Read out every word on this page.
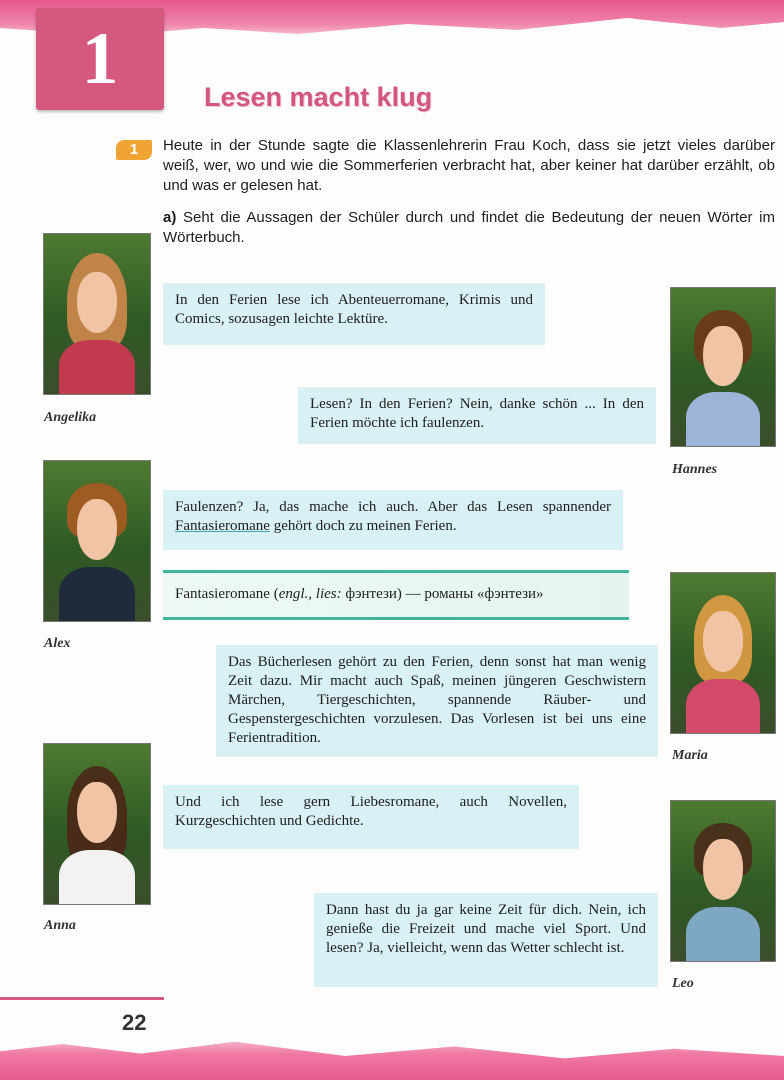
1	Lesen macht klug
1	Heute in der Stunde sagte die Klassenlehrerin Frau Koch, dass sie jetzt vieles darüber weiß, wer, wo und wie die Sommerferien verbracht hat, aber keiner hat darüber erzählt, ob und was er gelesen hat.

a) Seht die Aussagen der Schüler durch und findet die Bedeutung der neuen Wörter im Wörterbuch.

Angelika

In den Ferien lese ich Abenteuerromane, Krimis und Comics, sozusagen leichte Lektüre.

Hannes

Lesen? In den Ferien? Nein, danke schön ... In den Ferien möchte ich faulenzen.

Alex

Faulenzen? Ja, das mache ich auch. Aber das Lesen spannender Fantasieromane gehört doch zu meinen Ferien.

Fantasieromane (engl., lies: фэнтези) — романы «фэнтези»
Maria

Das Bücherlesen gehört zu den Ferien, denn sonst hat man wenig Zeit dazu. Mir macht auch Spaß, meinen jüngeren Geschwistern Märchen, Tiergeschichten, spannende Räuber- und Gespenstergeschichten vorzulesen. Das Vorlesen ist bei uns eine Ferientradition.

Anna

Und ich lese gern Liebesromane, auch Novellen, Kurzgeschichten und Gedichte.

Leo

Dann hast du ja gar keine Zeit für dich. Nein, ich genieße die Freizeit und mache viel Sport. Und lesen? Ja, vielleicht, wenn das Wetter schlecht ist.

22
